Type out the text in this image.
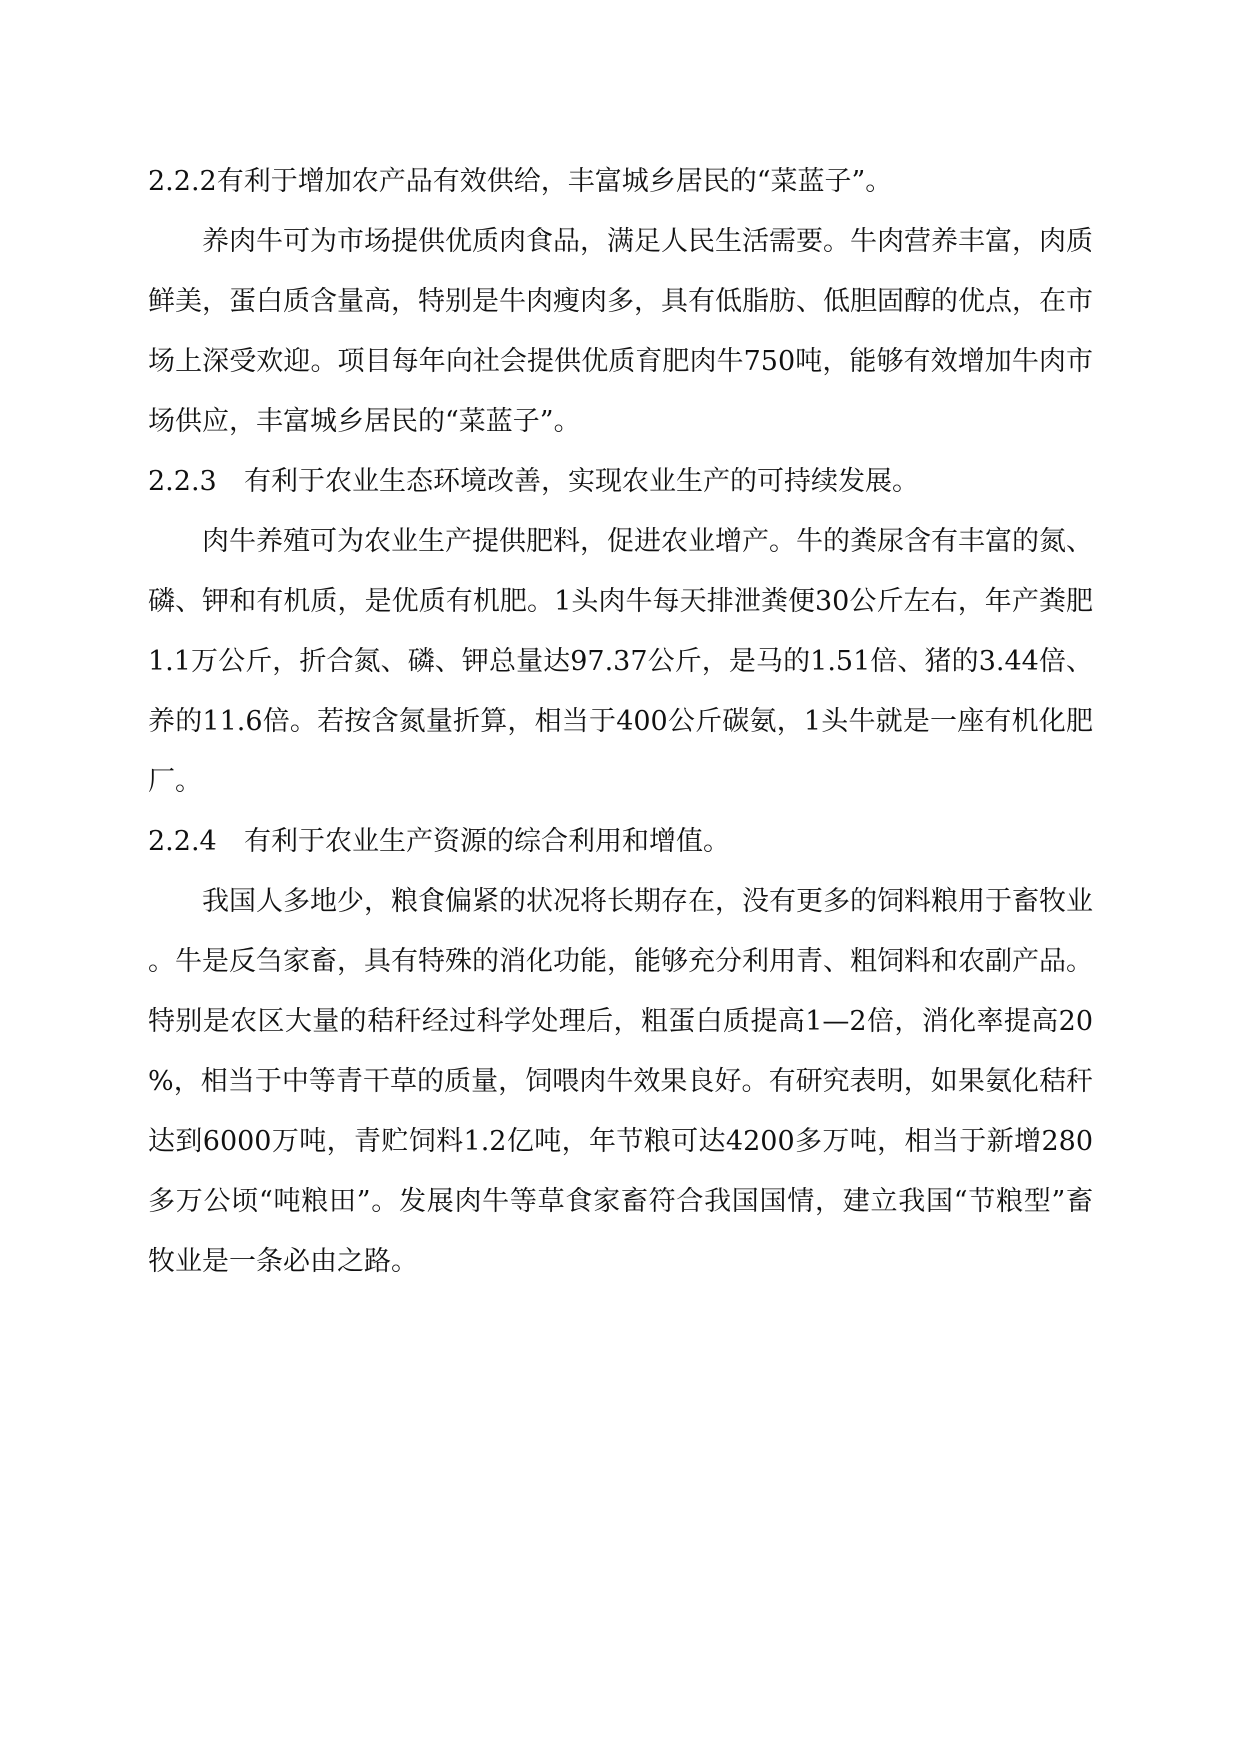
2.2.2有利于增加农产品有效供给，丰富城乡居民的“菜蓝子”。

养肉牛可为市场提供优质肉食品，满足人民生活需要。牛肉营养丰富，肉质鲜美，蛋白质含量高，特别是牛肉瘦肉多，具有低脂肪、低胆固醇的优点，在市场上深受欢迎。项目每年向社会提供优质育肥肉牛750吨，能够有效增加牛肉市场供应，丰富城乡居民的“菜蓝子”。

2.2.3 有利于农业生态环境改善，实现农业生产的可持续发展。

肉牛养殖可为农业生产提供肥料，促进农业增产。牛的粪尿含有丰富的氮、磷、钾和有机质，是优质有机肥。1头肉牛每天排泄粪便30公斤左右，年产粪肥1.1万公斤，折合氮、磷、钾总量达97.37公斤，是马的1.51倍、猪的3.44倍、养的11.6倍。若按含氮量折算，相当于400公斤碳氨，1头牛就是一座有机化肥厂。

2.2.4 有利于农业生产资源的综合利用和增值。

我国人多地少，粮食偏紧的状况将长期存在，没有更多的饲料粮用于畜牧业。牛是反刍家畜，具有特殊的消化功能，能够充分利用青、粗饲料和农副产品。特别是农区大量的秸秆经过科学处理后，粗蛋白质提高1—2倍，消化率提高20%，相当于中等青干草的质量，饲喂肉牛效果良好。有研究表明，如果氨化秸秆达到6000万吨，青贮饲料1.2亿吨，年节粮可达4200多万吨，相当于新增280多万公顷“吨粮田”。发展肉牛等草食家畜符合我国国情，建立我国“节粮型”畜牧业是一条必由之路。
